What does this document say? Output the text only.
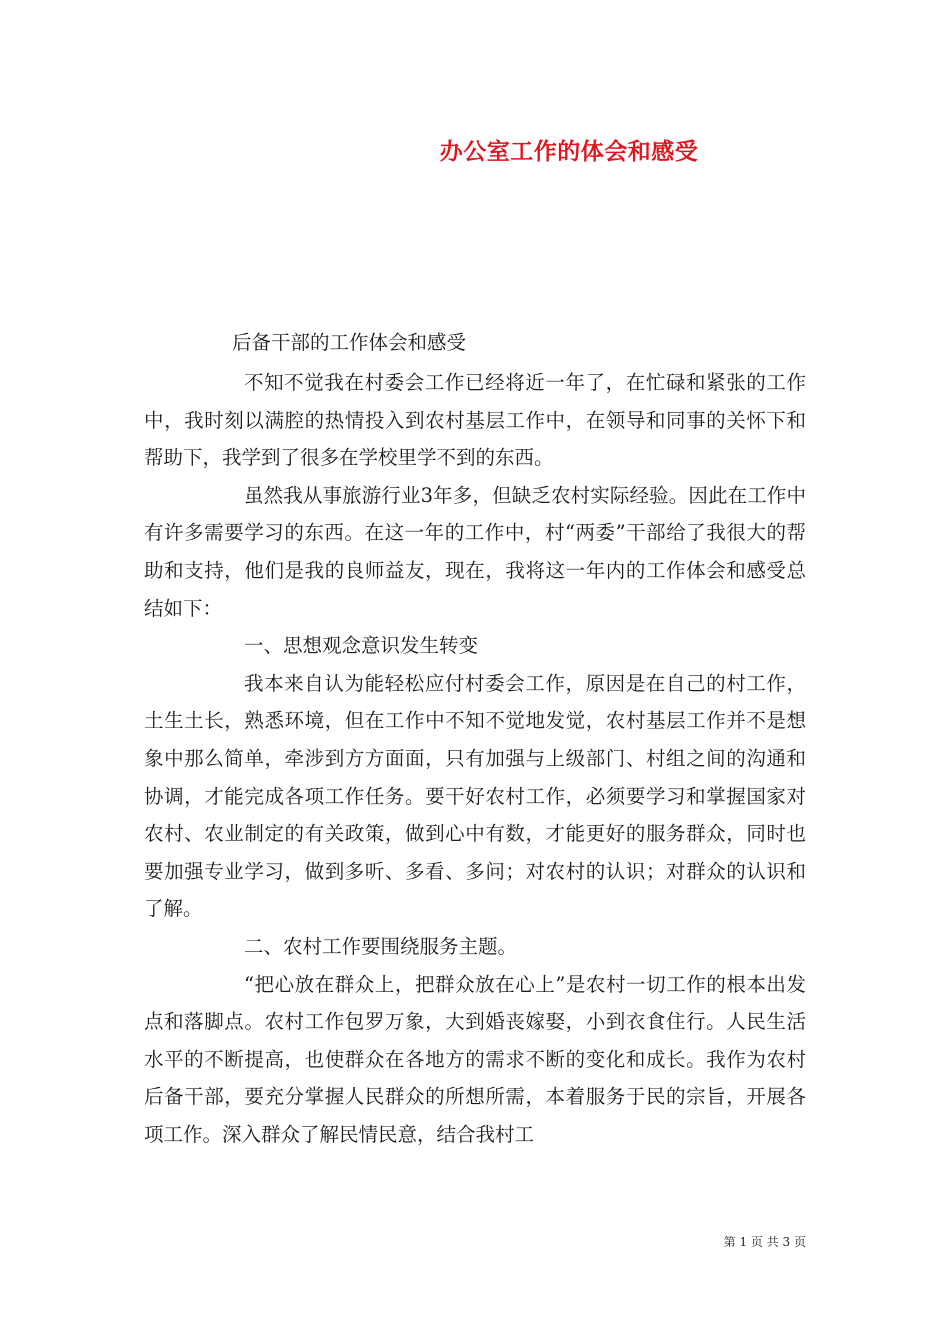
办公室工作的体会和感受

后备干部的工作体会和感受

不知不觉我在村委会工作已经将近一年了，在忙碌和紧张的工作中，我时刻以满腔的热情投入到农村基层工作中，在领导和同事的关怀下和帮助下，我学到了很多在学校里学不到的东西。

虽然我从事旅游行业3年多，但缺乏农村实际经验。因此在工作中有许多需要学习的东西。在这一年的工作中，村“两委”干部给了我很大的帮助和支持，他们是我的良师益友，现在，我将这一年内的工作体会和感受总结如下：

一、思想观念意识发生转变

我本来自认为能轻松应付村委会工作，原因是在自己的村工作，土生土长，熟悉环境，但在工作中不知不觉地发觉，农村基层工作并不是想象中那么简单，牵涉到方方面面，只有加强与上级部门、村组之间的沟通和协调，才能完成各项工作任务。要干好农村工作，必须要学习和掌握国家对农村、农业制定的有关政策，做到心中有数，才能更好的服务群众，同时也要加强专业学习，做到多听、多看、多问；对农村的认识；对群众的认识和了解。

二、农村工作要围绕服务主题。

“把心放在群众上，把群众放在心上”是农村一切工作的根本出发点和落脚点。农村工作包罗万象，大到婚丧嫁娶，小到衣食住行。人民生活水平的不断提高，也使群众在各地方的需求不断的变化和成长。我作为农村后备干部，要充分掌握人民群众的所想所需，本着服务于民的宗旨，开展各项工作。深入群众了解民情民意，结合我村工

第 1 页 共 3 页
